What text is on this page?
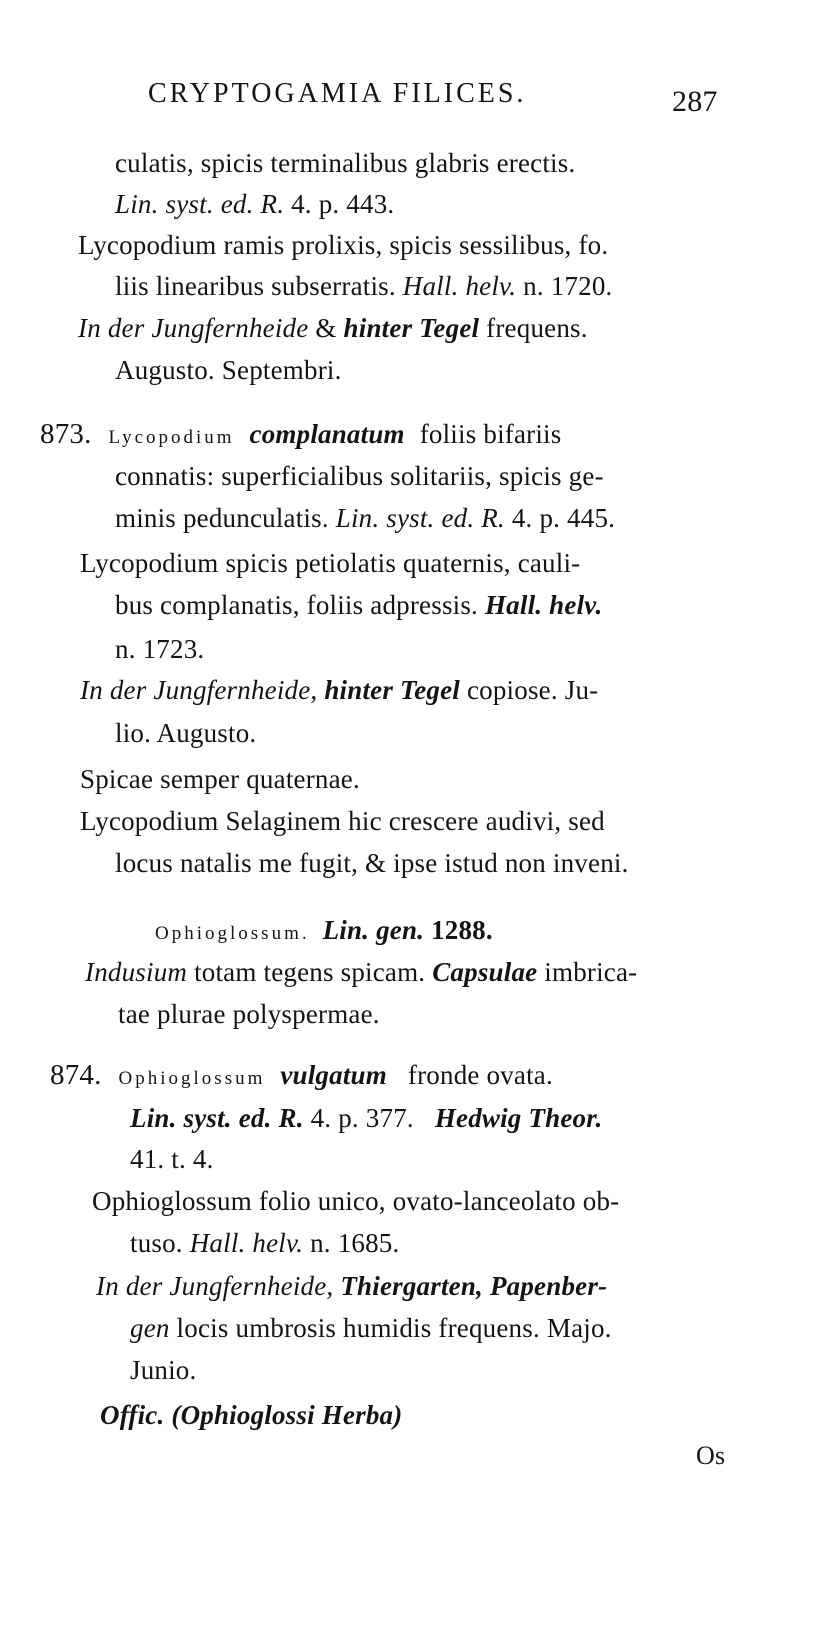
CRYPTOGAMIA FILICES.	287
culatis, spicis terminalibus glabris erectis.
Lin. syst. ed. R. 4. p. 443.
Lycopodium ramis prolixis, spicis sessilibus, fo.
liis linearibus subserratis. Hall. helv. n. 1720.
In der Jungfernheide & hinter Tegel frequens.
Augusto. Septembri.
873. Lycopodium complanatum foliis bifariis
connatis: superficialibus solitariis, spicis ge-
minis pedunculatis. Lin. syst. ed. R. 4. p. 445.
Lycopodium spicis petiolatis quaternis, cauli-
bus complanatis, foliis adpressis. Hall. helv.
n. 1723.
In der Jungfernheide, hinter Tegel copiose. Ju-
lio. Augusto.
Spicae semper quaternae.
Lycopodium Selaginem hic crescere audivi, sed
locus natalis me fugit, & ipse istud non inveni.
Ophioglossum. Lin. gen. 1288.
Indusium totam tegens spicam. Capsulae imbrica-
tae plurae polyspermae.
874. Ophioglossum vulgatum fronde ovata.
Lin. syst. ed. R. 4. p. 377. Hedwig Theor.
41. t. 4.
Ophioglossum folio unico, ovato-lanceolato ob-
tuso. Hall. helv. n. 1685.
In der Jungfernheide, Thiergarten, Papenber-
gen locis umbrosis humidis frequens. Majo.
Junio.
Offic. (Ophioglossi Herba)
Os
